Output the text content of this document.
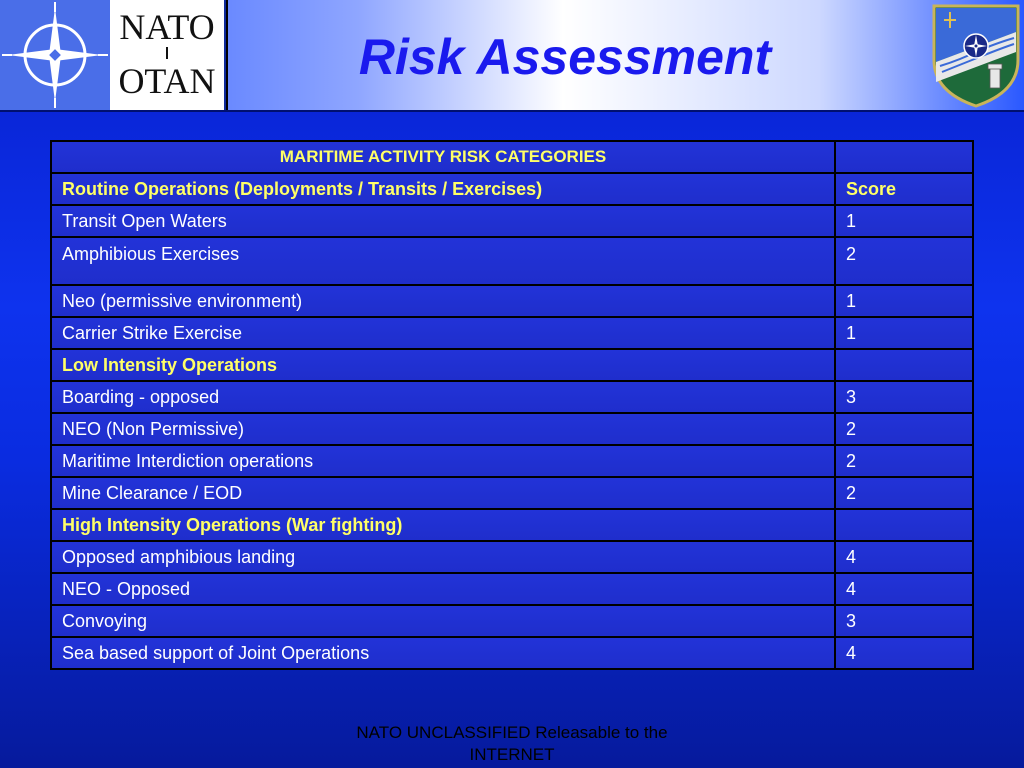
NATO
OTAN	Risk Assessment
MARITIME ACTIVITY RISK CATEGORIES	
Routine Operations (Deployments / Transits / Exercises)	Score
Transit Open Waters	1
Amphibious Exercises	2
Neo (permissive environment)	1
Carrier Strike Exercise	1
Low Intensity Operations	
Boarding - opposed	3
NEO (Non Permissive)	2
Maritime Interdiction operations	2
Mine Clearance / EOD	2
High Intensity Operations (War fighting)	
Opposed amphibious landing	4
NEO - Opposed	4
Convoying	3
Sea based support of Joint Operations	4
NATO UNCLASSIFIED Releasable to the
INTERNET
